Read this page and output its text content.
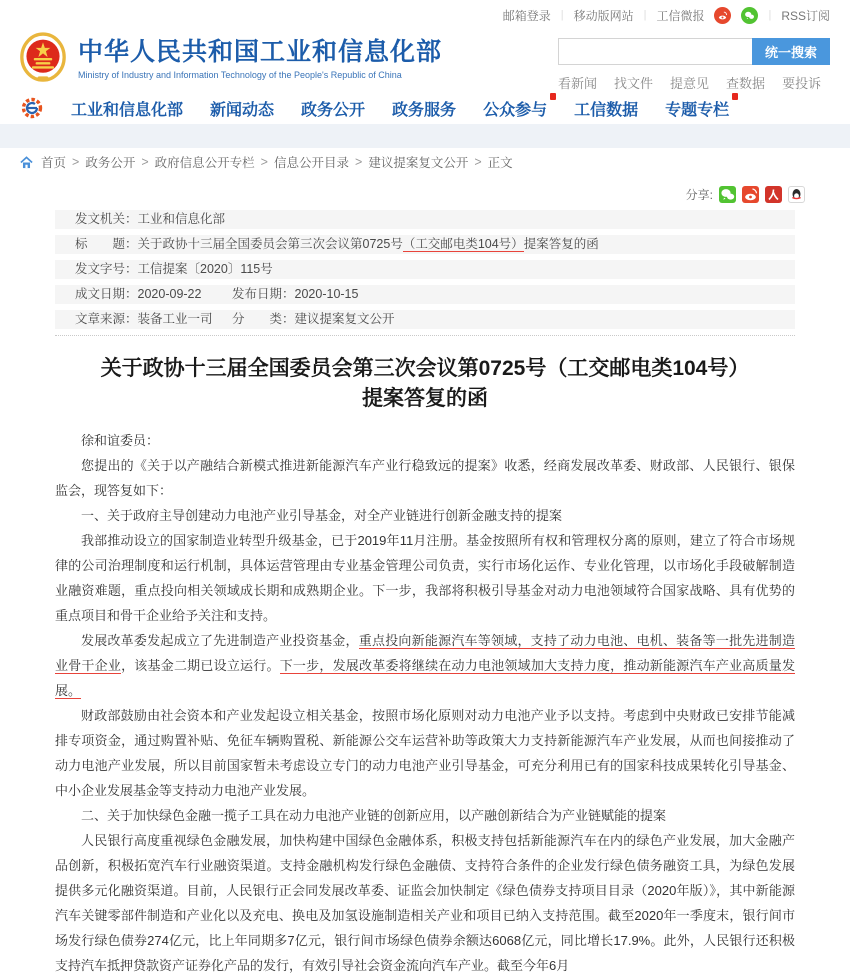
邮箱登录 | 移动版网站 | 工信微报	| RSS订阅
中华人民共和国工业和信息化部
Ministry of Industry and Information Technology of the People's Republic of China
统一搜索
看新闻 找文件 提意见 查数据 要投诉
工业和信息化部 新闻动态 政务公开 政务服务 公众参与 工信数据 专题专栏
首页 > 政务公开 > 政府信息公开专栏 > 信息公开目录 > 建议提案复文公开 > 正文
分享:
发文机关： 工业和信息化部
标　　题： 关于政协十三届全国委员会第三次会议第0725号（工交邮电类104号）提案答复的函
发文字号： 工信提案〔2020〕115号
成文日期： 2020-09-22 发布日期：2020-10-15
文章来源： 装备工业一司 分　　类：建议提案复文公开
关于政协十三届全国委员会第三次会议第0725号（工交邮电类104号）提案答复的函

徐和谊委员：

您提出的《关于以产融结合新模式推进新能源汽车产业行稳致远的提案》收悉，经商发展改革委、财政部、人民银行、银保监会，现答复如下：

一、关于政府主导创建动力电池产业引导基金，对全产业链进行创新金融支持的提案

我部推动设立的国家制造业转型升级基金，已于2019年11月注册。基金按照所有权和管理权分离的原则，建立了符合市场规律的公司治理制度和运行机制，具体运营管理由专业基金管理公司负责，实行市场化运作、专业化管理，以市场化手段破解制造业融资难题，重点投向相关领域成长期和成熟期企业。下一步，我部将积极引导基金对动力电池领域符合国家战略、具有优势的重点项目和骨干企业给予关注和支持。

发展改革委发起成立了先进制造产业投资基金，重点投向新能源汽车等领域，支持了动力电池、电机、装备等一批先进制造业骨干企业，该基金二期已设立运行。下一步，发展改革委将继续在动力电池领域加大支持力度，推动新能源汽车产业高质量发展。

财政部鼓励由社会资本和产业发起设立相关基金，按照市场化原则对动力电池产业予以支持。考虑到中央财政已安排节能减排专项资金，通过购置补贴、免征车辆购置税、新能源公交车运营补助等政策大力支持新能源汽车产业发展，从而也间接推动了动力电池产业发展，所以目前国家暂未考虑设立专门的动力电池产业引导基金，可充分利用已有的国家科技成果转化引导基金、中小企业发展基金等支持动力电池产业发展。

二、关于加快绿色金融一揽子工具在动力电池产业链的创新应用，以产融创新结合为产业链赋能的提案

人民银行高度重视绿色金融发展，加快构建中国绿色金融体系，积极支持包括新能源汽车在内的绿色产业发展，加大金融产品创新，积极拓宽汽车行业融资渠道。支持金融机构发行绿色金融债、支持符合条件的企业发行绿色债务融资工具，为绿色发展提供多元化融资渠道。目前，人民银行正会同发展改革委、证监会加快制定《绿色债券支持项目目录（2020年版）》，其中新能源汽车关键零部件制造和产业化以及充电、换电及加氢设施制造相关产业和项目已纳入支持范围。截至2020年一季度末，银行间市场发行绿色债券274亿元，比上年同期多7亿元，银行间市场绿色债券余额达6068亿元，同比增长17.9%。此外，人民银行还积极支持汽车抵押贷款资产证券化产品的发行，有效引导社会资金流向汽车产业。截至今年6月
